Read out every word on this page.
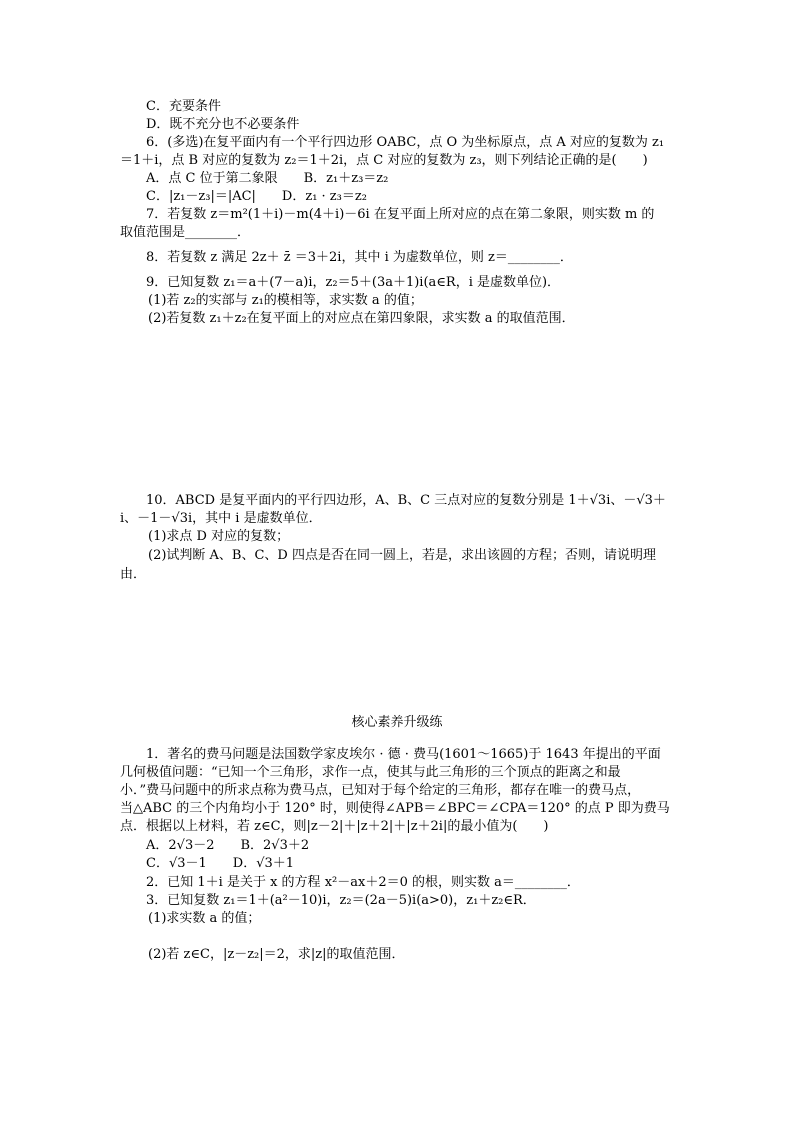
核心素养升级练
C．充要条件
D．既不充分也不必要条件
6．(多选)在复平面内有一个平行四边形 OABC，点 O 为坐标原点，点 A 对应的复数为 z₁
＝1＋i，点 B 对应的复数为 z₂＝1＋2i，点 C 对应的复数为 z₃，则下列结论正确的是(　　)
A．点 C 位于第二象限　　B．z₁＋z₃＝z₂
C．|z₁－z₃|＝|AC|　　D．z₁ · z₃＝z₂
7．若复数 z＝m²(1＋i)－m(4＋i)－6i 在复平面上所对应的点在第二象限，则实数 m 的
取值范围是________．
8．若复数 z 满足 2z＋ z̄ ＝3＋2i，其中 i 为虚数单位，则 z＝________．
9．已知复数 z₁＝a＋(7－a)i，z₂＝5＋(3a＋1)i(a∈R，i 是虚数单位)．
(1)若 z₂的实部与 z₁的模相等，求实数 a 的值；
(2)若复数 z₁＋z₂在复平面上的对应点在第四象限，求实数 a 的取值范围．
10．ABCD 是复平面内的平行四边形，A、B、C 三点对应的复数分别是 1＋√3i、－√3＋
i、－1－√3i，其中 i 是虚数单位．
(1)求点 D 对应的复数；
(2)试判断 A、B、C、D 四点是否在同一圆上，若是，求出该圆的方程；否则，请说明理
由．
1．著名的费马问题是法国数学家皮埃尔 · 德 · 费马(1601～1665)于 1643 年提出的平面
几何极值问题：“已知一个三角形，求作一点，使其与此三角形的三个顶点的距离之和最
小．”费马问题中的所求点称为费马点，已知对于每个给定的三角形，都存在唯一的费马点，
当△ABC 的三个内角均小于 120° 时，则使得∠APB＝∠BPC＝∠CPA＝120° 的点 P 即为费马
点．根据以上材料，若 z∈C，则|z－2|＋|z＋2|＋|z＋2i|的最小值为(　　)
A．2√3－2　　B．2√3＋2
C．√3－1　　D．√3＋1
2．已知 1＋i 是关于 x 的方程 x²－ax＋2＝0 的根，则实数 a＝________．
3．已知复数 z₁＝1＋(a²－10)i，z₂＝(2a－5)i(a>0)，z₁＋z₂∈R．
(1)求实数 a 的值；
(2)若 z∈C，|z－z₂|＝2，求|z|的取值范围．
